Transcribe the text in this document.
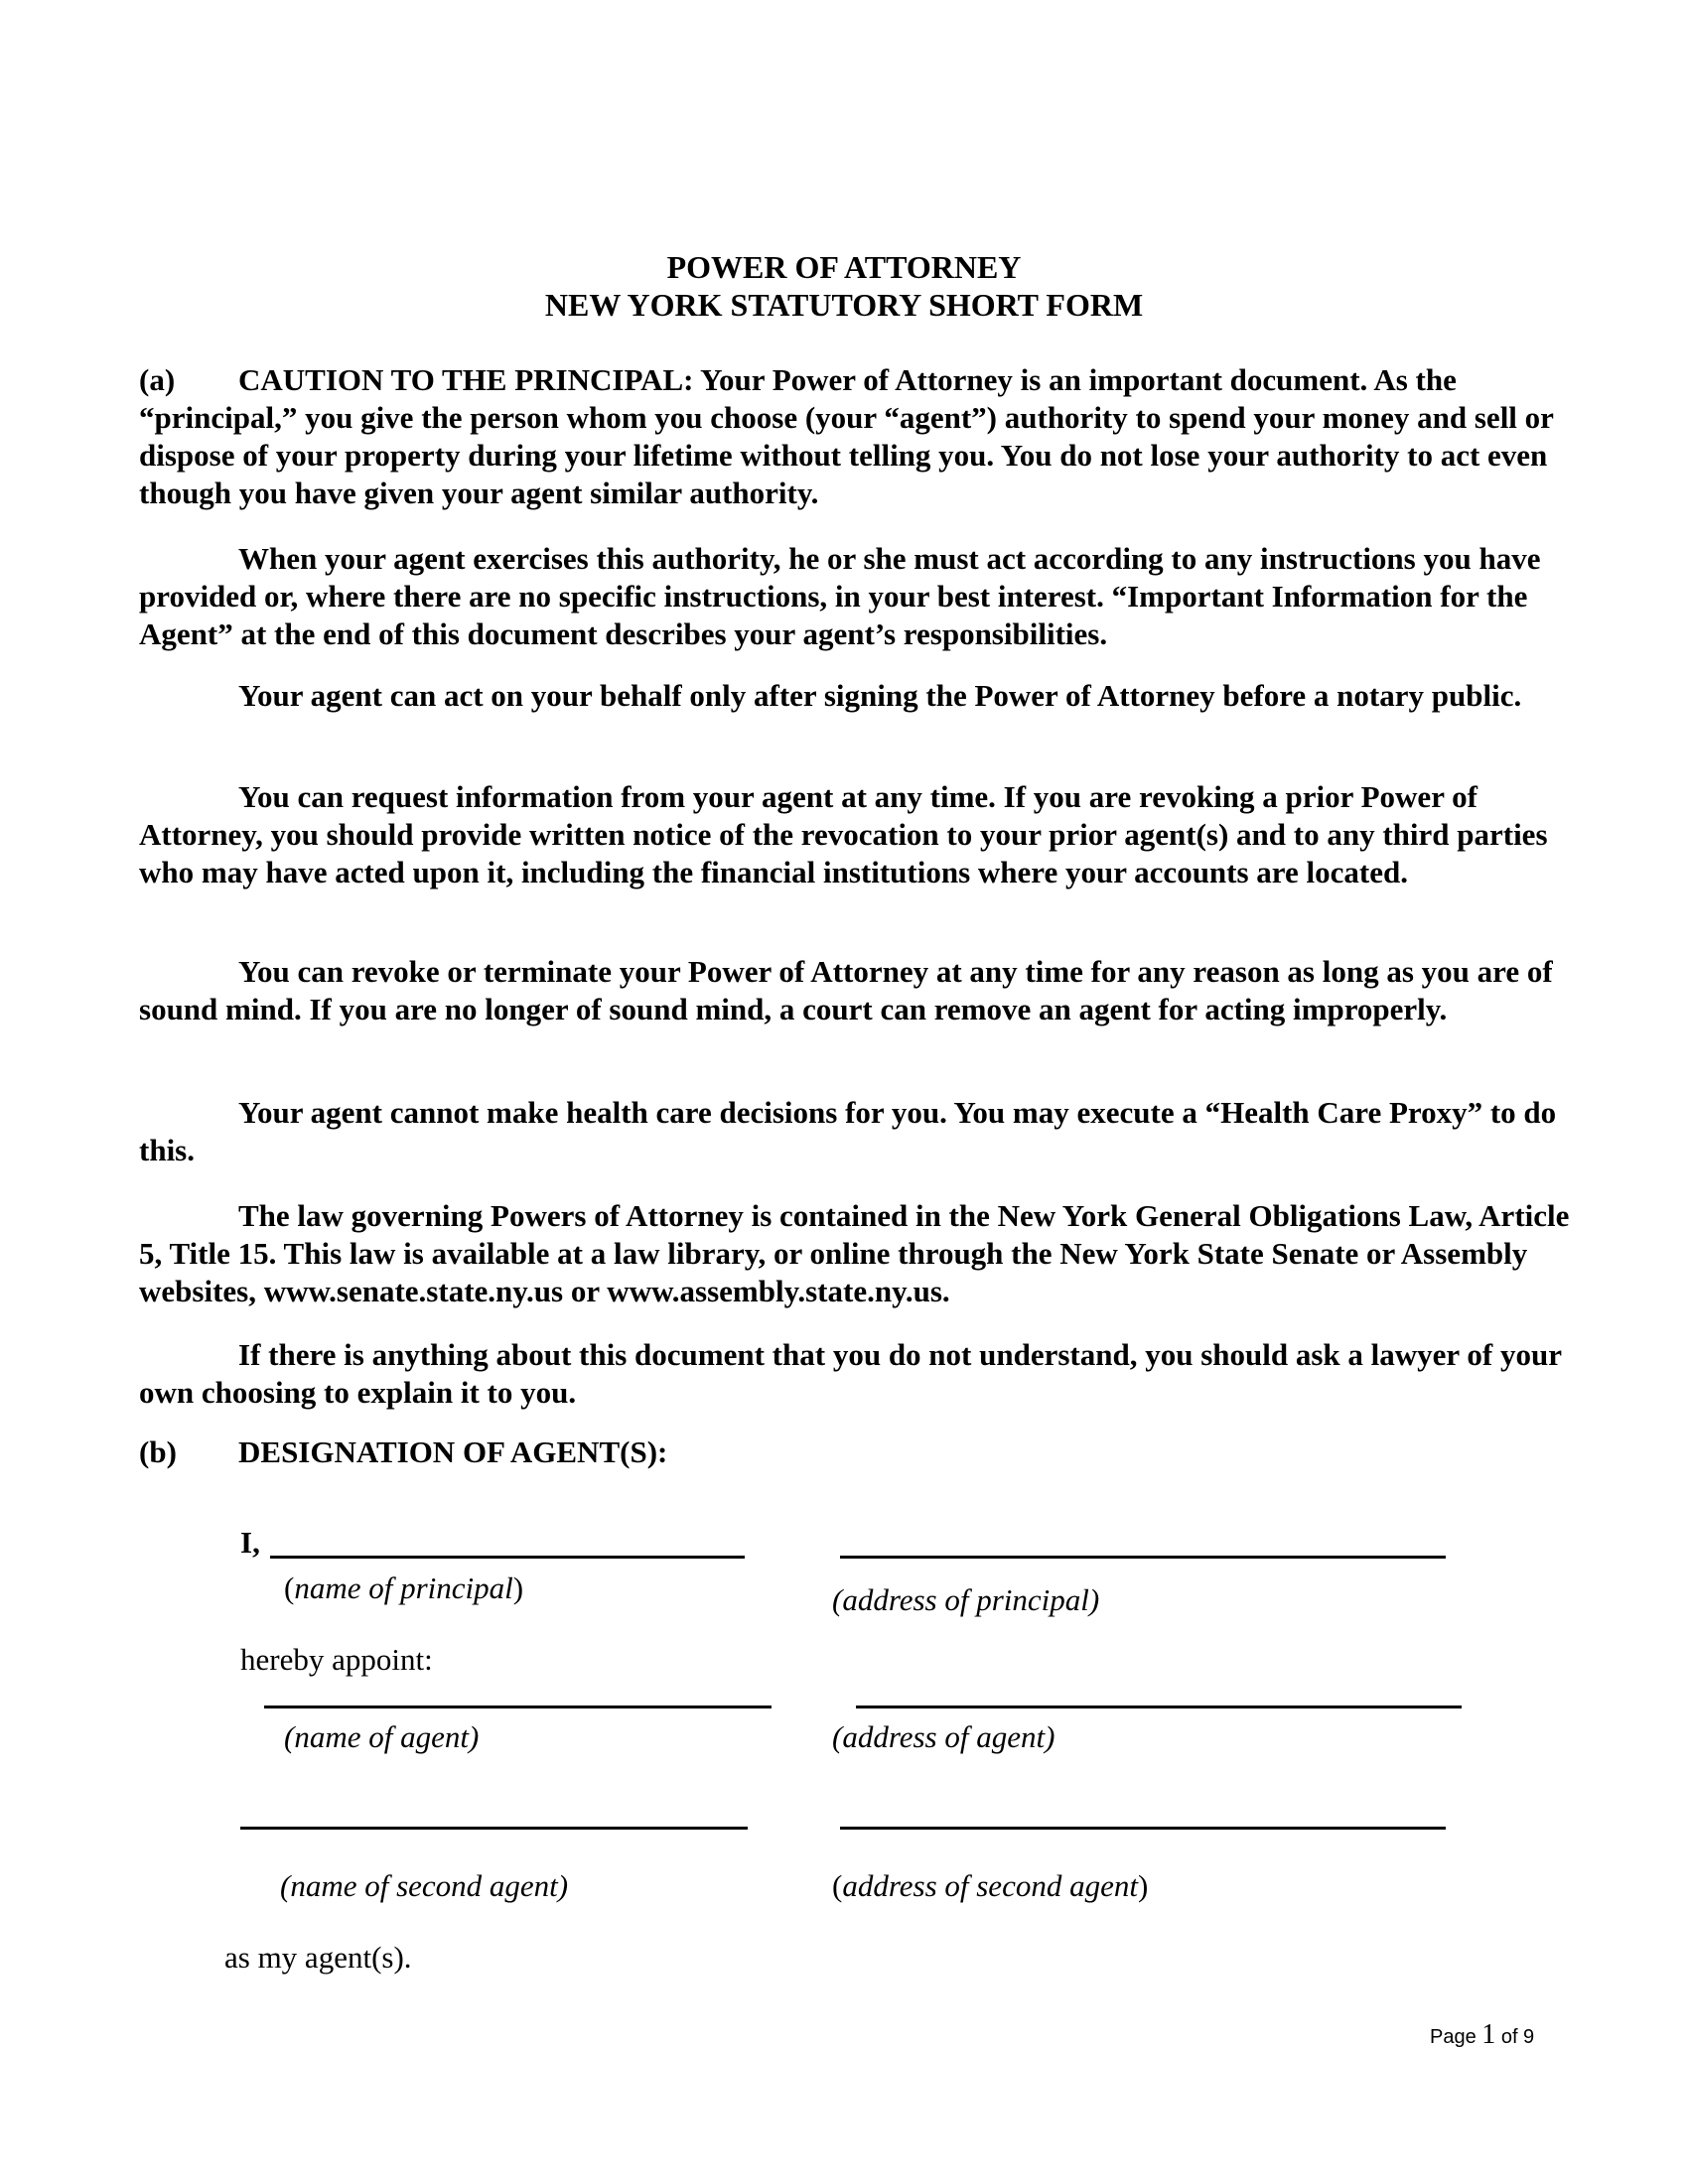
POWER OF ATTORNEY
NEW YORK STATUTORY SHORT FORM
(a) CAUTION TO THE PRINCIPAL: Your Power of Attorney is an important document. As the “principal,” you give the person whom you choose (your “agent”) authority to spend your money and sell or dispose of your property during your lifetime without telling you. You do not lose your authority to act even though you have given your agent similar authority.
When your agent exercises this authority, he or she must act according to any instructions you have provided or, where there are no specific instructions, in your best interest. “Important Information for the Agent” at the end of this document describes your agent’s responsibilities.
Your agent can act on your behalf only after signing the Power of Attorney before a notary public.
You can request information from your agent at any time. If you are revoking a prior Power of Attorney, you should provide written notice of the revocation to your prior agent(s) and to any third parties who may have acted upon it, including the financial institutions where your accounts are located.
You can revoke or terminate your Power of Attorney at any time for any reason as long as you are of sound mind. If you are no longer of sound mind, a court can remove an agent for acting improperly.
Your agent cannot make health care decisions for you. You may execute a “Health Care Proxy” to do this.
The law governing Powers of Attorney is contained in the New York General Obligations Law, Article 5, Title 15. This law is available at a law library, or online through the New York State Senate or Assembly websites, www.senate.state.ny.us or www.assembly.state.ny.us.
If there is anything about this document that you do not understand, you should ask a lawyer of your own choosing to explain it to you.
(b) DESIGNATION OF AGENT(S):
I,
(name of principal)	(address of principal)
hereby appoint:
(name of agent)	(address of agent)
(name of second agent)	(address of second agent)
as my agent(s).
Page 1 of 9
